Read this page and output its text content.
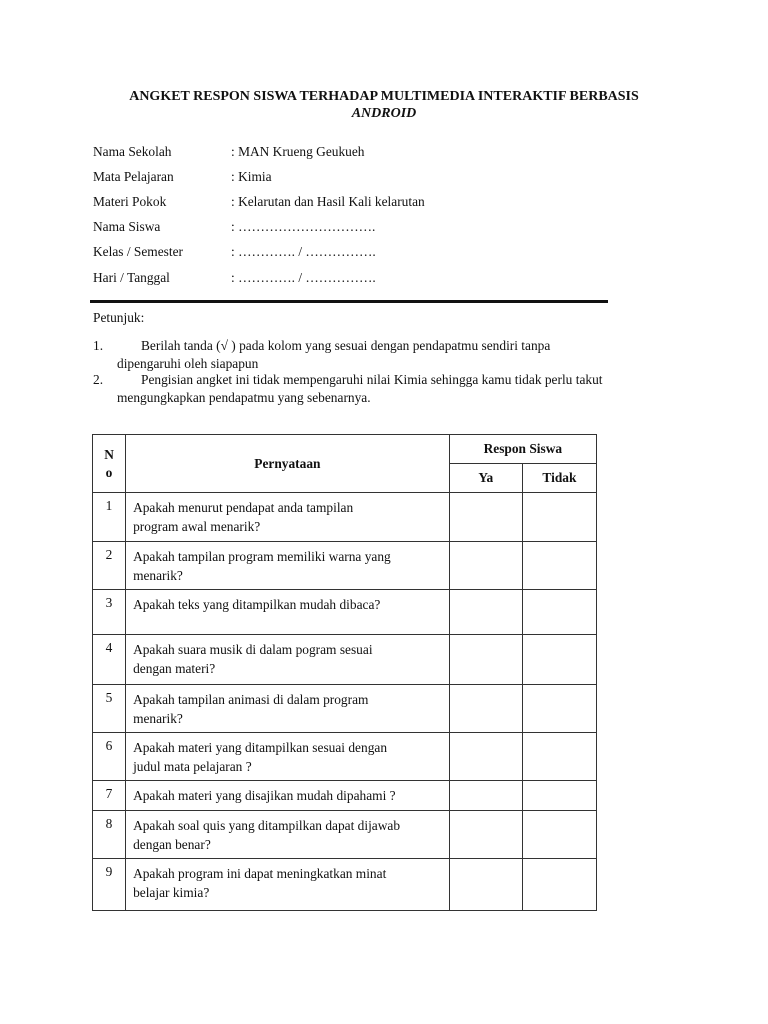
ANGKET RESPON SISWA TERHADAP MULTIMEDIA INTERAKTIF BERBASIS
ANDROID
Nama Sekolah	: MAN Krueng Geukueh
Mata Pelajaran	: Kimia
Materi Pokok	: Kelarutan dan Hasil Kali kelarutan
Nama Siswa	: ………………………….
Kelas / Semester	: …………. / …………….
Hari / Tanggal	: …………. / …………….
Petunjuk:
1.	Berilah tanda (√ ) pada kolom yang sesuai dengan pendapatmu sendiri tanpa
dipengaruhi oleh siapapun
2.	Pengisian angket ini tidak mempengaruhi nilai Kimia sehingga kamu tidak perlu takut
mengungkapkan pendapatmu yang sebenarnya.
N
o	Pernyataan	Respon Siswa	
		Ya	Tidak
1	Apakah menurut pendapat anda tampilan
program awal menarik?		
2	Apakah tampilan program memiliki warna yang
menarik?		
3	Apakah teks yang ditampilkan mudah dibaca?		
4	Apakah suara musik di dalam pogram sesuai
dengan materi?		
5	Apakah tampilan animasi di dalam program
menarik?		
6	Apakah materi yang ditampilkan sesuai dengan
judul mata pelajaran ?		
7	Apakah materi yang disajikan mudah dipahami ?		
8	Apakah soal quis yang ditampilkan dapat dijawab
dengan benar?		
9	Apakah program ini dapat meningkatkan minat
belajar kimia?		
